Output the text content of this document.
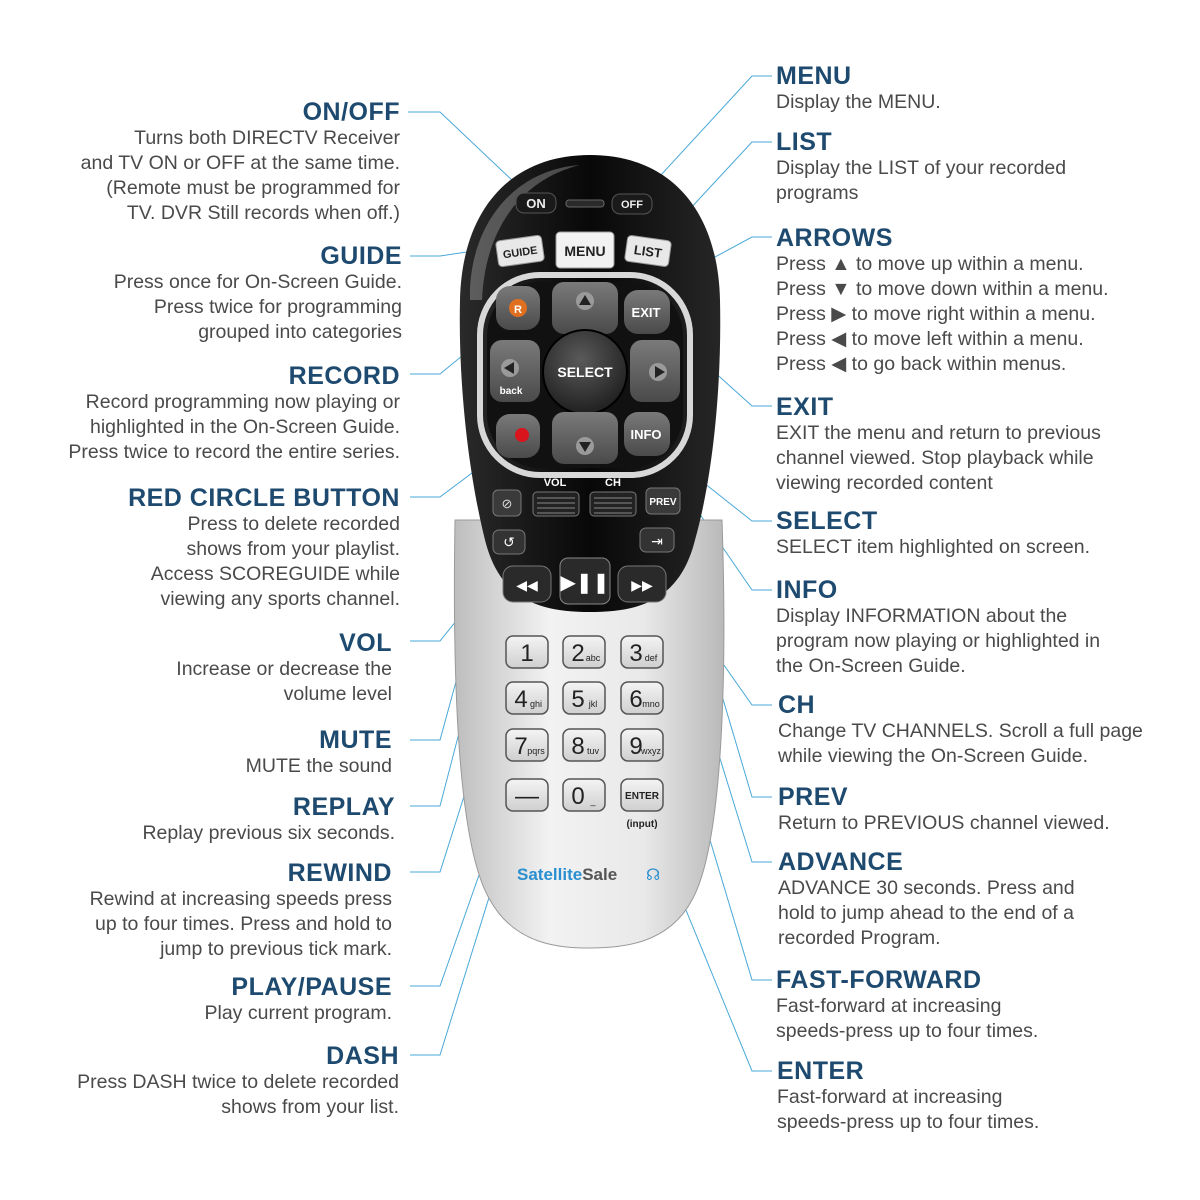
ON	OFF
GUIDE MENU LIST
R	EXIT
back
SELECT
INFO
VOL	CH
⊘	PREV
↺	⇥
◀◀ ▶❚❚ ▶▶
1 2 abc 3 def
4 ghi 5 jkl 6 mno
7 pqrs 8 tuv 9
wxyz
— 0 _	ENTER
(input)
SatelliteSale ☊
ON/OFF
Turns both DIRECTV Receiver
and TV ON or OFF at the same time.
(Remote must be programmed for
TV. DVR Still records when off.)
GUIDE
Press once for On-Screen Guide.
Press twice for programming
grouped into categories
RECORD
Record programming now playing or
highlighted in the On-Screen Guide.
Press twice to record the entire series.
RED CIRCLE BUTTON
Press to delete recorded
shows from your playlist.
Access SCOREGUIDE while
viewing any sports channel.
VOL
Increase or decrease the
volume level
MUTE
MUTE the sound
REPLAY
Replay previous six seconds.
REWIND
Rewind at increasing speeds press
up to four times. Press and hold to
jump to previous tick mark.
PLAY/PAUSE
Play current program.
DASH
Press DASH twice to delete recorded
shows from your list.
MENU
Display the MENU.
LIST
Display the LIST of your recorded
programs
ARROWS
Press ▲ to move up within a menu.
Press ▼ to move down within a menu.
Press ▶ to move right within a menu.
Press ◀ to move left within a menu.
Press ◀ to go back within menus.
EXIT
EXIT the menu and return to previous
channel viewed. Stop playback while
viewing recorded content
SELECT
SELECT item highlighted on screen.
INFO
Display INFORMATION about the
program now playing or highlighted in
the On-Screen Guide.
CH
Change TV CHANNELS. Scroll a full page
while viewing the On-Screen Guide.
PREV
Return to PREVIOUS channel viewed.
ADVANCE
ADVANCE 30 seconds. Press and
hold to jump ahead to the end of a
recorded Program.
FAST-FORWARD
Fast-forward at increasing
speeds-press up to four times.
ENTER
Fast-forward at increasing
speeds-press up to four times.
